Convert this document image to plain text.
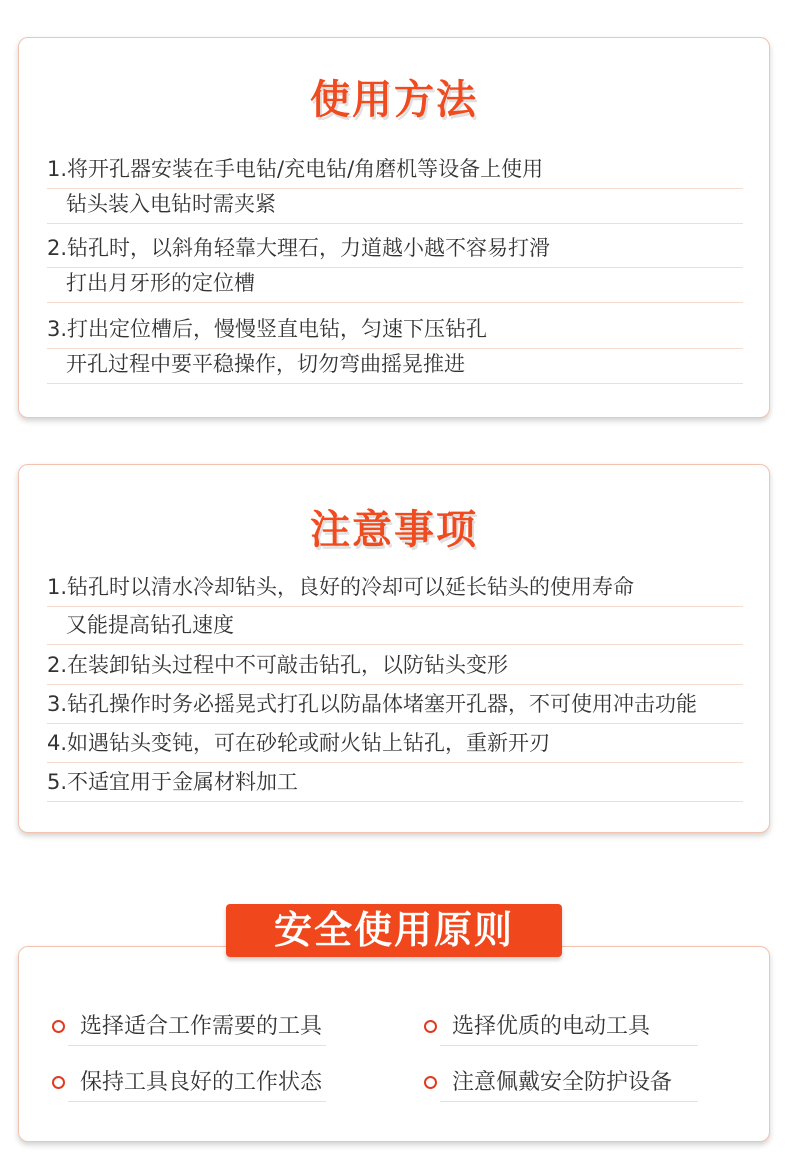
使用方法
1.将开孔器安装在手电钻/充电钻/角磨机等设备上使用
钻头装入电钻时需夹紧
2.钻孔时，以斜角轻靠大理石，力道越小越不容易打滑
打出月牙形的定位槽
3.打出定位槽后，慢慢竖直电钻，匀速下压钻孔
开孔过程中要平稳操作，切勿弯曲摇晃推进
注意事项
1.钻孔时以清水冷却钻头，良好的冷却可以延长钻头的使用寿命
又能提高钻孔速度
2.在装卸钻头过程中不可敲击钻孔，以防钻头变形
3.钻孔操作时务必摇晃式打孔以防晶体堵塞开孔器，不可使用冲击功能
4.如遇钻头变钝，可在砂轮或耐火钻上钻孔，重新开刃
5.不适宜用于金属材料加工
安全使用原则
选择适合工作需要的工具	选择优质的电动工具
保持工具良好的工作状态	注意佩戴安全防护设备
